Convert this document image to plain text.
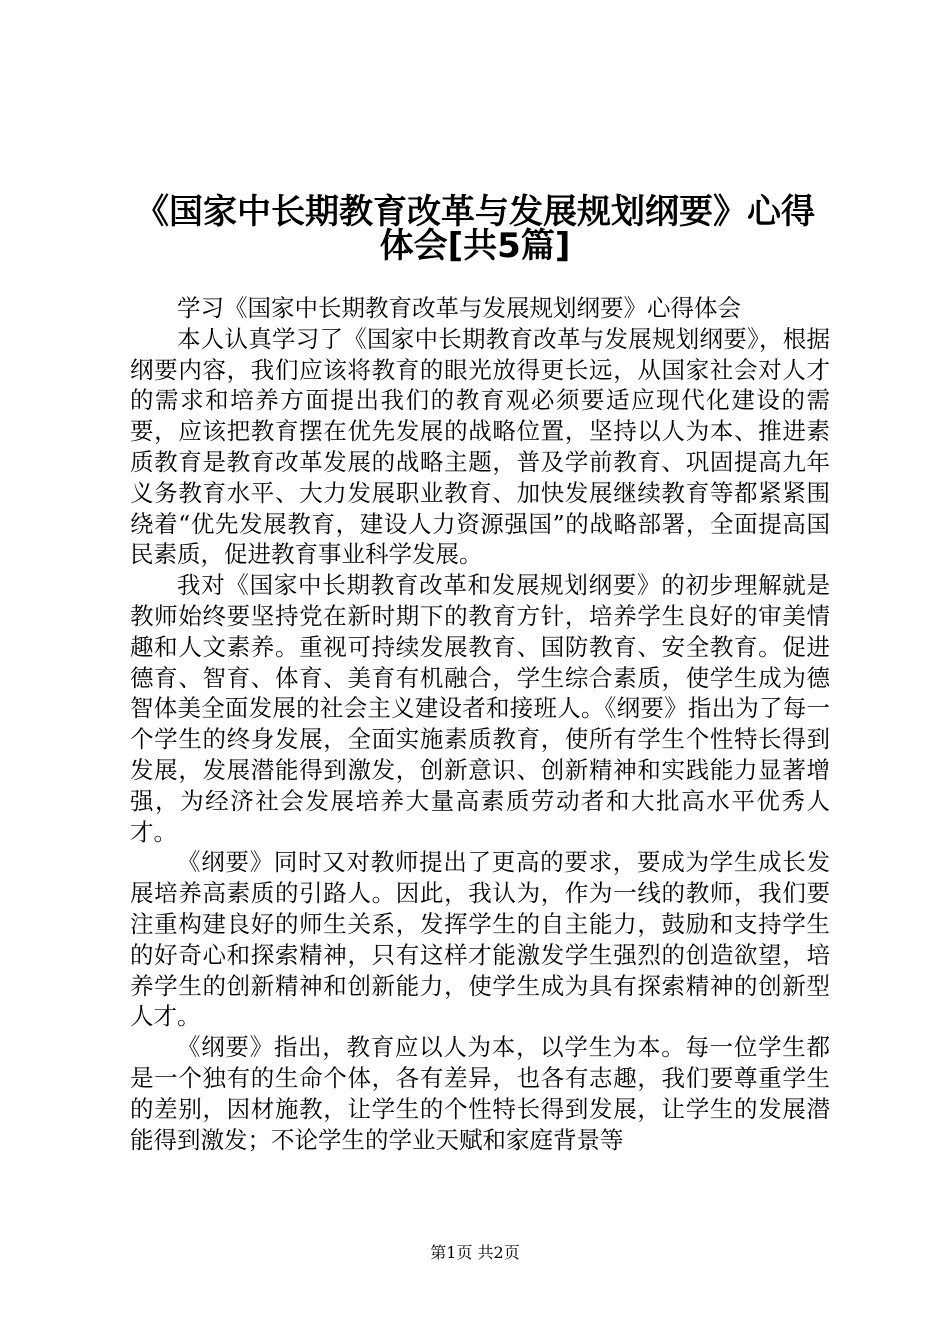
《国家中长期教育改革与发展规划纲要》心得
体会[共5篇]

学习《国家中长期教育改革与发展规划纲要》心得体会

本人认真学习了《国家中长期教育改革与发展规划纲要》，根据纲要内容，我们应该将教育的眼光放得更长远，从国家社会对人才的需求和培养方面提出我们的教育观必须要适应现代化建设的需要，应该把教育摆在优先发展的战略位置，坚持以人为本、推进素质教育是教育改革发展的战略主题，普及学前教育、巩固提高九年义务教育水平、大力发展职业教育、加快发展继续教育等都紧紧围绕着“优先发展教育，建设人力资源强国”的战略部署，全面提高国民素质，促进教育事业科学发展。

我对《国家中长期教育改革和发展规划纲要》的初步理解就是教师始终要坚持党在新时期下的教育方针，培养学生良好的审美情趣和人文素养。重视可持续发展教育、国防教育、安全教育。促进德育、智育、体育、美育有机融合，学生综合素质，使学生成为德智体美全面发展的社会主义建设者和接班人。《纲要》指出为了每一个学生的终身发展，全面实施素质教育，使所有学生个性特长得到发展，发展潜能得到激发，创新意识、创新精神和实践能力显著增强，为经济社会发展培养大量高素质劳动者和大批高水平优秀人才。

《纲要》同时又对教师提出了更高的要求，要成为学生成长发展培养高素质的引路人。因此，我认为，作为一线的教师，我们要注重构建良好的师生关系，发挥学生的自主能力，鼓励和支持学生的好奇心和探索精神，只有这样才能激发学生强烈的创造欲望，培养学生的创新精神和创新能力，使学生成为具有探索精神的创新型人才。

《纲要》指出，教育应以人为本，以学生为本。每一位学生都是一个独有的生命个体，各有差异，也各有志趣，我们要尊重学生的差别，因材施教，让学生的个性特长得到发展，让学生的发展潜能得到激发；不论学生的学业天赋和家庭背景等

第1页 共2页
